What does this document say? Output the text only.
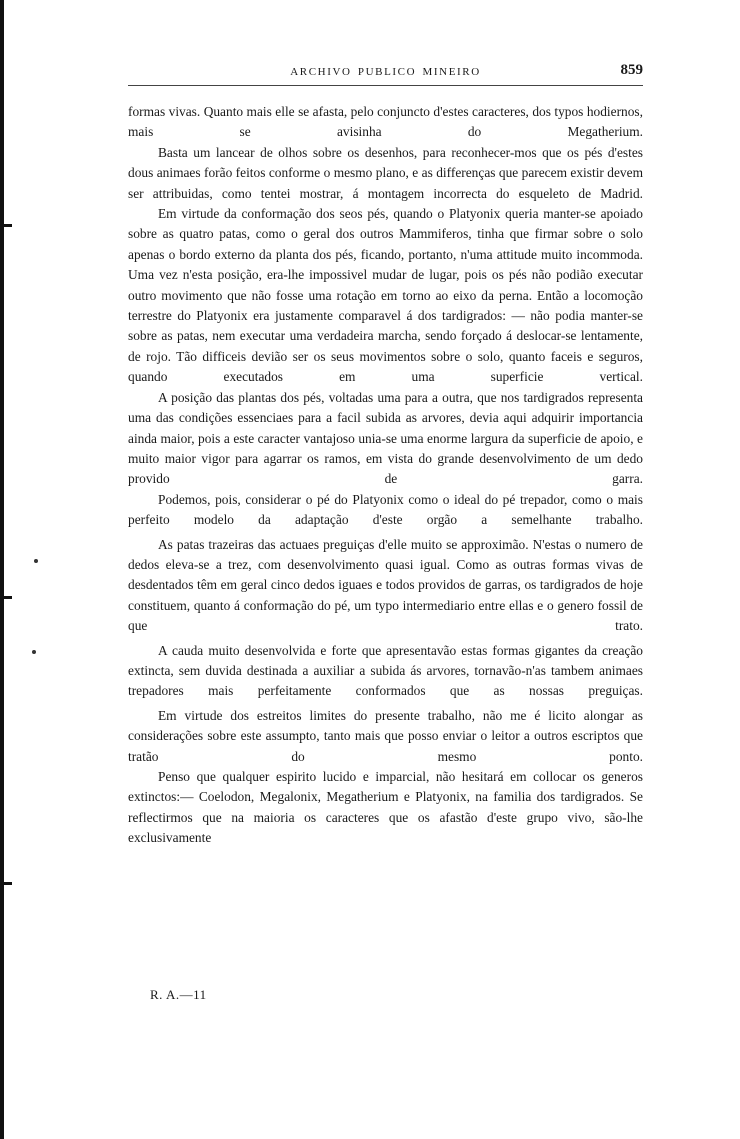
ARCHIVO PUBLICO MINEIRO	859

formas vivas. Quanto mais elle se afasta, pelo conjuncto d'estes caracteres, dos typos hodiernos, mais se avisinha do Megatherium.

Basta um lancear de olhos sobre os desenhos, para reconhecer-mos que os pés d'estes dous animaes forão feitos conforme o mesmo plano, e as differenças que parecem existir devem ser attribuidas, como tentei mostrar, á montagem incorrecta do esqueleto de Madrid.

Em virtude da conformação dos seos pés, quando o Platyonix queria manter-se apoiado sobre as quatro patas, como o geral dos outros Mammiferos, tinha que firmar sobre o solo apenas o bordo externo da planta dos pés, ficando, portanto, n'uma attitude muito incommoda. Uma vez n'esta posição, era-lhe impossivel mudar de lugar, pois os pés não podião executar outro movimento que não fosse uma rotação em torno ao eixo da perna. Então a locomoção terrestre do Platyonix era justamente comparavel á dos tardigrados: — não podia manter-se sobre as patas, nem executar uma verdadeira marcha, sendo forçado á deslocar-se lentamente, de rojo. Tão difficeis devião ser os seus movimentos sobre o solo, quanto faceis e seguros, quando executados em uma superficie vertical.

A posição das plantas dos pés, voltadas uma para a outra, que nos tardigrados representa uma das condições essenciaes para a facil subida as arvores, devia aqui adquirir importancia ainda maior, pois a este caracter vantajoso unia-se uma enorme largura da superficie de apoio, e muito maior vigor para agarrar os ramos, em vista do grande desenvolvimento de um dedo provido de garra.

Podemos, pois, considerar o pé do Platyonix como o ideal do pé trepador, como o mais perfeito modelo da adaptação d'este orgão a semelhante trabalho.

As patas trazeiras das actuaes preguiças d'elle muito se approximão. N'estas o numero de dedos eleva-se a trez, com desenvolvimento quasi igual. Como as outras formas vivas de desdentados têm em geral cinco dedos iguaes e todos providos de garras, os tardigrados de hoje constituem, quanto á conformação do pé, um typo intermediario entre ellas e o genero fossil de que trato.

A cauda muito desenvolvida e forte que apresentavão estas formas gigantes da creação extincta, sem duvida destinada a auxiliar a subida ás arvores, tornavão-n'as tambem animaes trepadores mais perfeitamente conformados que as nossas preguiças.

Em virtude dos estreitos limites do presente trabalho, não me é licito alongar as considerações sobre este assumpto, tanto mais que posso enviar o leitor a outros escriptos que tratão do mesmo ponto.

Penso que qualquer espirito lucido e imparcial, não hesitará em collocar os generos extinctos:— Coelodon, Megalonix, Megatherium e Platyonix, na familia dos tardigrados. Se reflectirmos que na maioria os caracteres que os afastão d'este grupo vivo, são-lhe exclusivamente

R. A.—11
